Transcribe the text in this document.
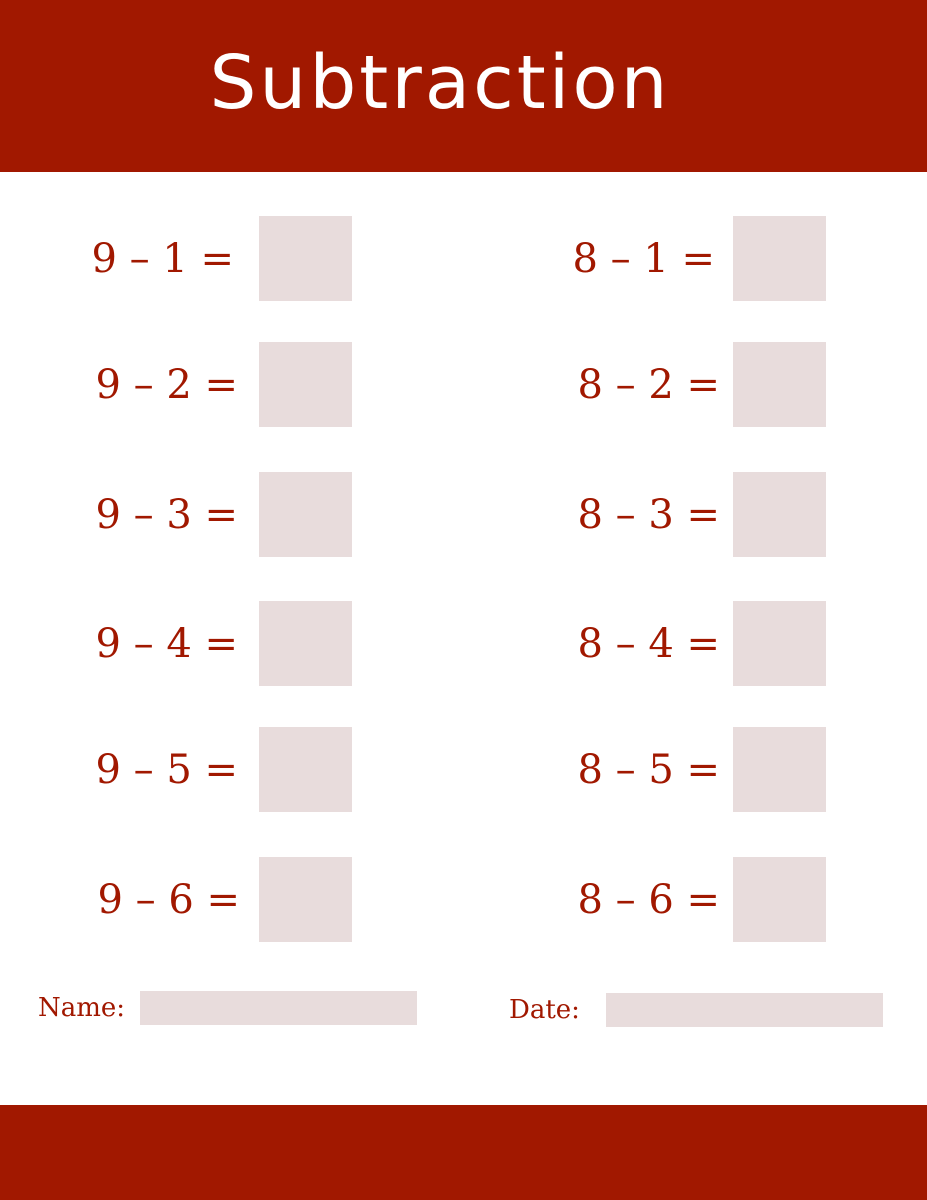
Subtraction
9 – 1 =
9 – 2 =
9 – 3 =
9 – 4 =
9 – 5 =
9 – 6 =
8 – 1 =
8 – 2 =
8 – 3 =
8 – 4 =
8 – 5 =
8 – 6 =
Name:	Date:
